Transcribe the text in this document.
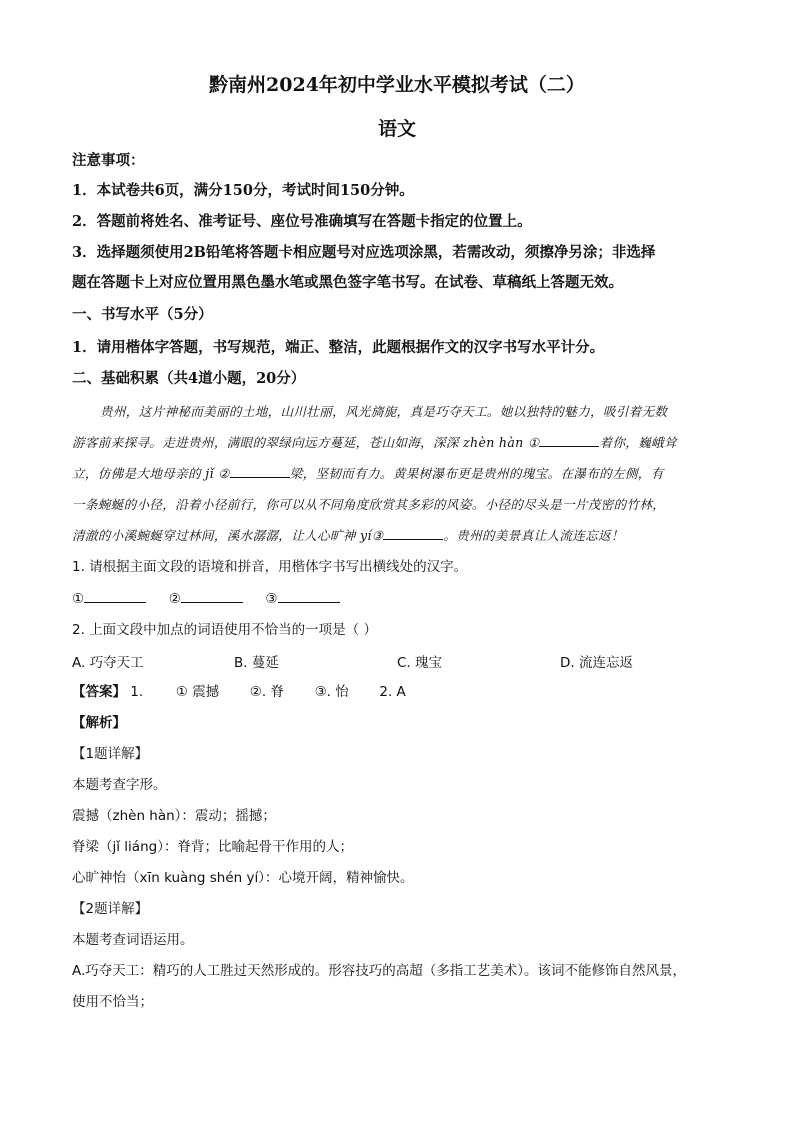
黔南州2024年初中学业水平模拟考试（二）
语文
注意事项：
1．本试卷共6页，满分150分，考试时间150分钟。
2．答题前将姓名、准考证号、座位号准确填写在答题卡指定的位置上。
3．选择题须使用2B铅笔将答题卡相应题号对应选项涂黑，若需改动，须擦净另涂；非选择
题在答题卡上对应位置用黑色墨水笔或黑色签字笔书写。在试卷、草稿纸上答题无效。
一、书写水平（5分）
1．请用楷体字答题，书写规范，端正、整洁，此题根据作文的汉字书写水平计分。
二、基础积累（共4道小题，20分）
贵州，这片神秘而美丽的土地，山川壮丽，风光旖旎，真是巧夺天工。她以独特的魅力，吸引着无数
游客前来探寻。走进贵州，满眼的翠绿向远方蔓延，苍山如海，深深 zhèn hàn ①	着你，巍峨耸
立，仿佛是大地母亲的 jǐ ②	梁，坚韧而有力。黄果树瀑布更是贵州的瑰宝。在瀑布的左侧，有
一条蜿蜒的小径，沿着小径前行，你可以从不同角度欣赏其多彩的风姿。小径的尽头是一片茂密的竹林，
清澈的小溪蜿蜒穿过林间，溪水潺潺，让人心旷神 yí③	。贵州的美景真让人流连忘返！
1. 请根据主面文段的语境和拼音，用楷体字书写出横线处的汉字。
①	②	③
2. 上面文段中加点的词语使用不恰当的一项是（ ）
A. 巧夺天工	B. 蔓延	C. 瑰宝	D. 流连忘返
【答案】 1. ① 震撼 ②. 脊 ③. 怡 2. A
【解析】
【1题详解】
本题考查字形。
震撼（zhèn hàn）：震动；摇撼；
脊梁（jǐ liáng）：脊背；比喻起骨干作用的人；
心旷神怡（xīn kuàng shén yí）：心境开阔，精神愉快。
【2题详解】
本题考查词语运用。
A.巧夺天工：精巧的人工胜过天然形成的。形容技巧的高超（多指工艺美术）。该词不能修饰自然风景，
使用不恰当；
